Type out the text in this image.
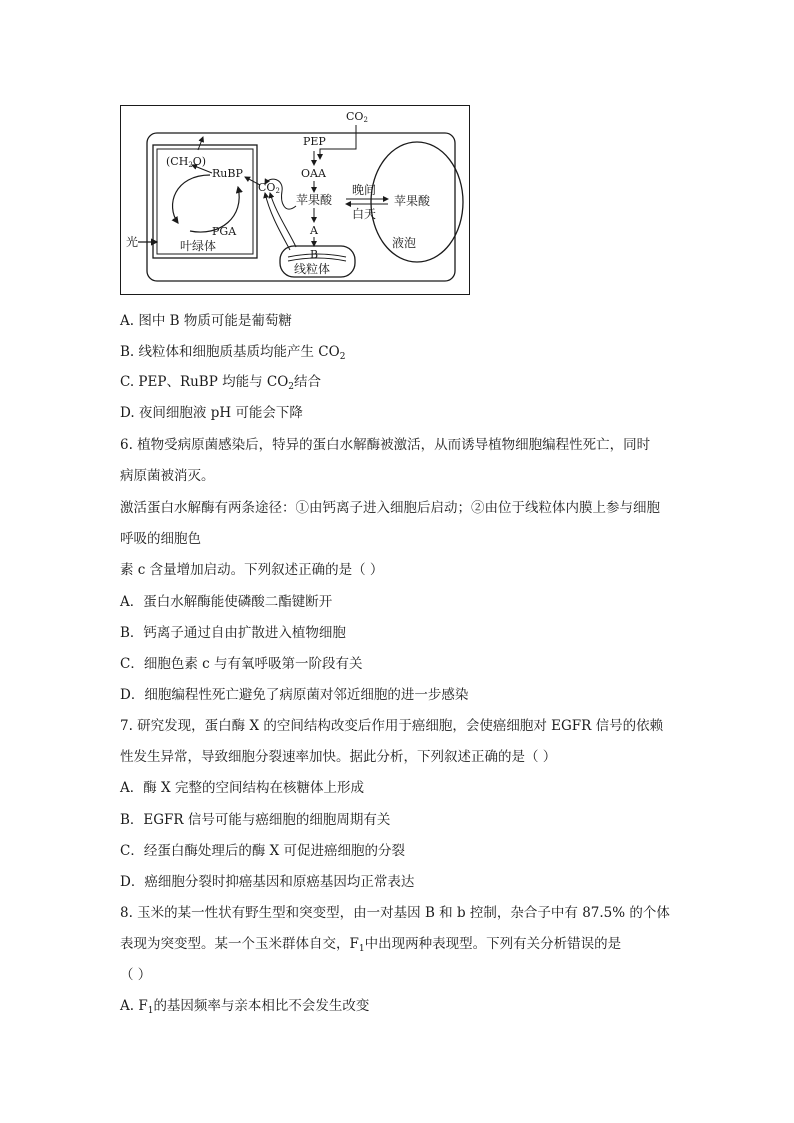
CO2
PEP
OAA
苹果酸
晚间
白天
苹果酸
A
B
线粒体
液泡
(CH2O)
RuBP
CO2
PGA
光	叶绿体
A. 图中 B 物质可能是葡萄糖
B. 线粒体和细胞质基质均能产生 $CO_2$
C. PEP、RuBP 均能与 $CO_2$结合
D. 夜间细胞液 pH 可能会下降
6. 植物受病原菌感染后，特异的蛋白水解酶被激活，从而诱导植物细胞编程性死亡，同时
病原菌被消灭。
激活蛋白水解酶有两条途径：①由钙离子进入细胞后启动；②由位于线粒体内膜上参与细胞
呼吸的细胞色
素 c 含量增加启动。下列叙述正确的是（ ）
A．蛋白水解酶能使磷酸二酯键断开
B．钙离子通过自由扩散进入植物细胞
C．细胞色素 c 与有氧呼吸第一阶段有关
D．细胞编程性死亡避免了病原菌对邻近细胞的进一步感染
7. 研究发现，蛋白酶 X 的空间结构改变后作用于癌细胞，会使癌细胞对 EGFR 信号的依赖
性发生异常，导致细胞分裂速率加快。据此分析，下列叙述正确的是（ ）
A．酶 X 完整的空间结构在核糖体上形成
B．EGFR 信号可能与癌细胞的细胞周期有关
C．经蛋白酶处理后的酶 X 可促进癌细胞的分裂
D．癌细胞分裂时抑癌基因和原癌基因均正常表达
8. 玉米的某一性状有野生型和突变型，由一对基因 B 和 b 控制，杂合子中有 87.5% 的个体
表现为突变型。某一个玉米群体自交，$F_1$中出现两种表现型。下列有关分析错误的是
（ ）
A. $F_1$的基因频率与亲本相比不会发生改变
